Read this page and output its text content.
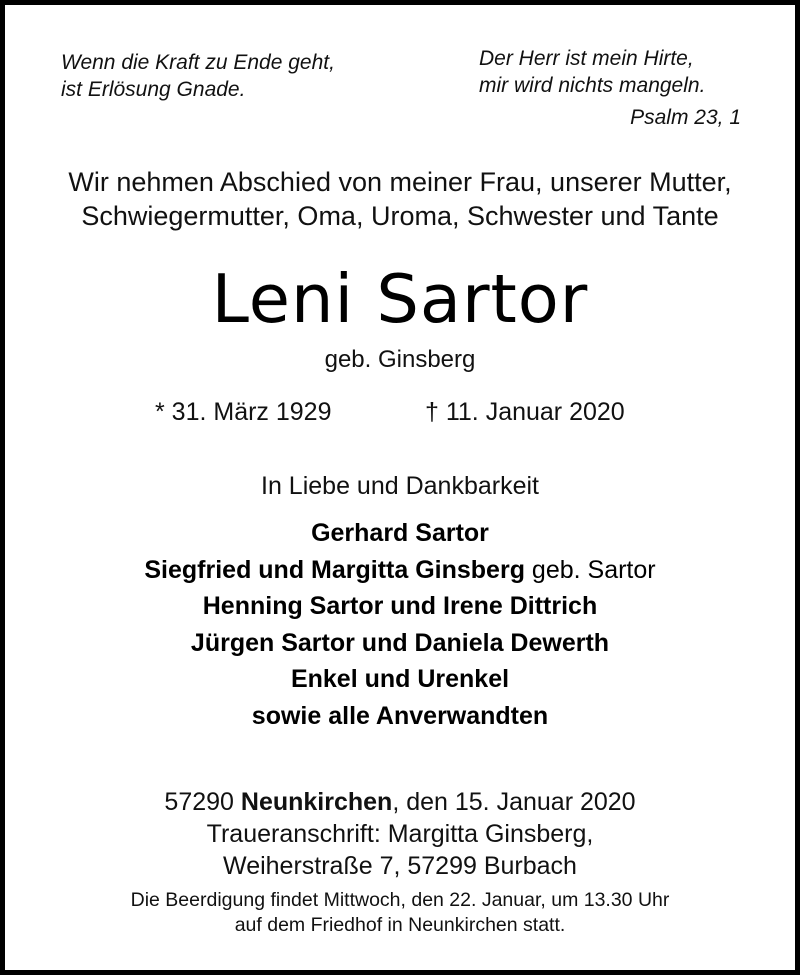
Wenn die Kraft zu Ende geht,
ist Erlösung Gnade.
Der Herr ist mein Hirte,
mir wird nichts mangeln.
Psalm 23, 1
Wir nehmen Abschied von meiner Frau, unserer Mutter,
Schwiegermutter, Oma, Uroma, Schwester und Tante
Leni Sartor
geb. Ginsberg
* 31. März 1929	† 11. Januar 2020
In Liebe und Dankbarkeit
Gerhard Sartor
Siegfried und Margitta Ginsberg geb. Sartor
Henning Sartor und Irene Dittrich
Jürgen Sartor und Daniela Dewerth
Enkel und Urenkel
sowie alle Anverwandten
57290 Neunkirchen, den 15. Januar 2020
Traueranschrift: Margitta Ginsberg,
Weiherstraße 7, 57299 Burbach
Die Beerdigung findet Mittwoch, den 22. Januar, um 13.30 Uhr
auf dem Friedhof in Neunkirchen statt.
